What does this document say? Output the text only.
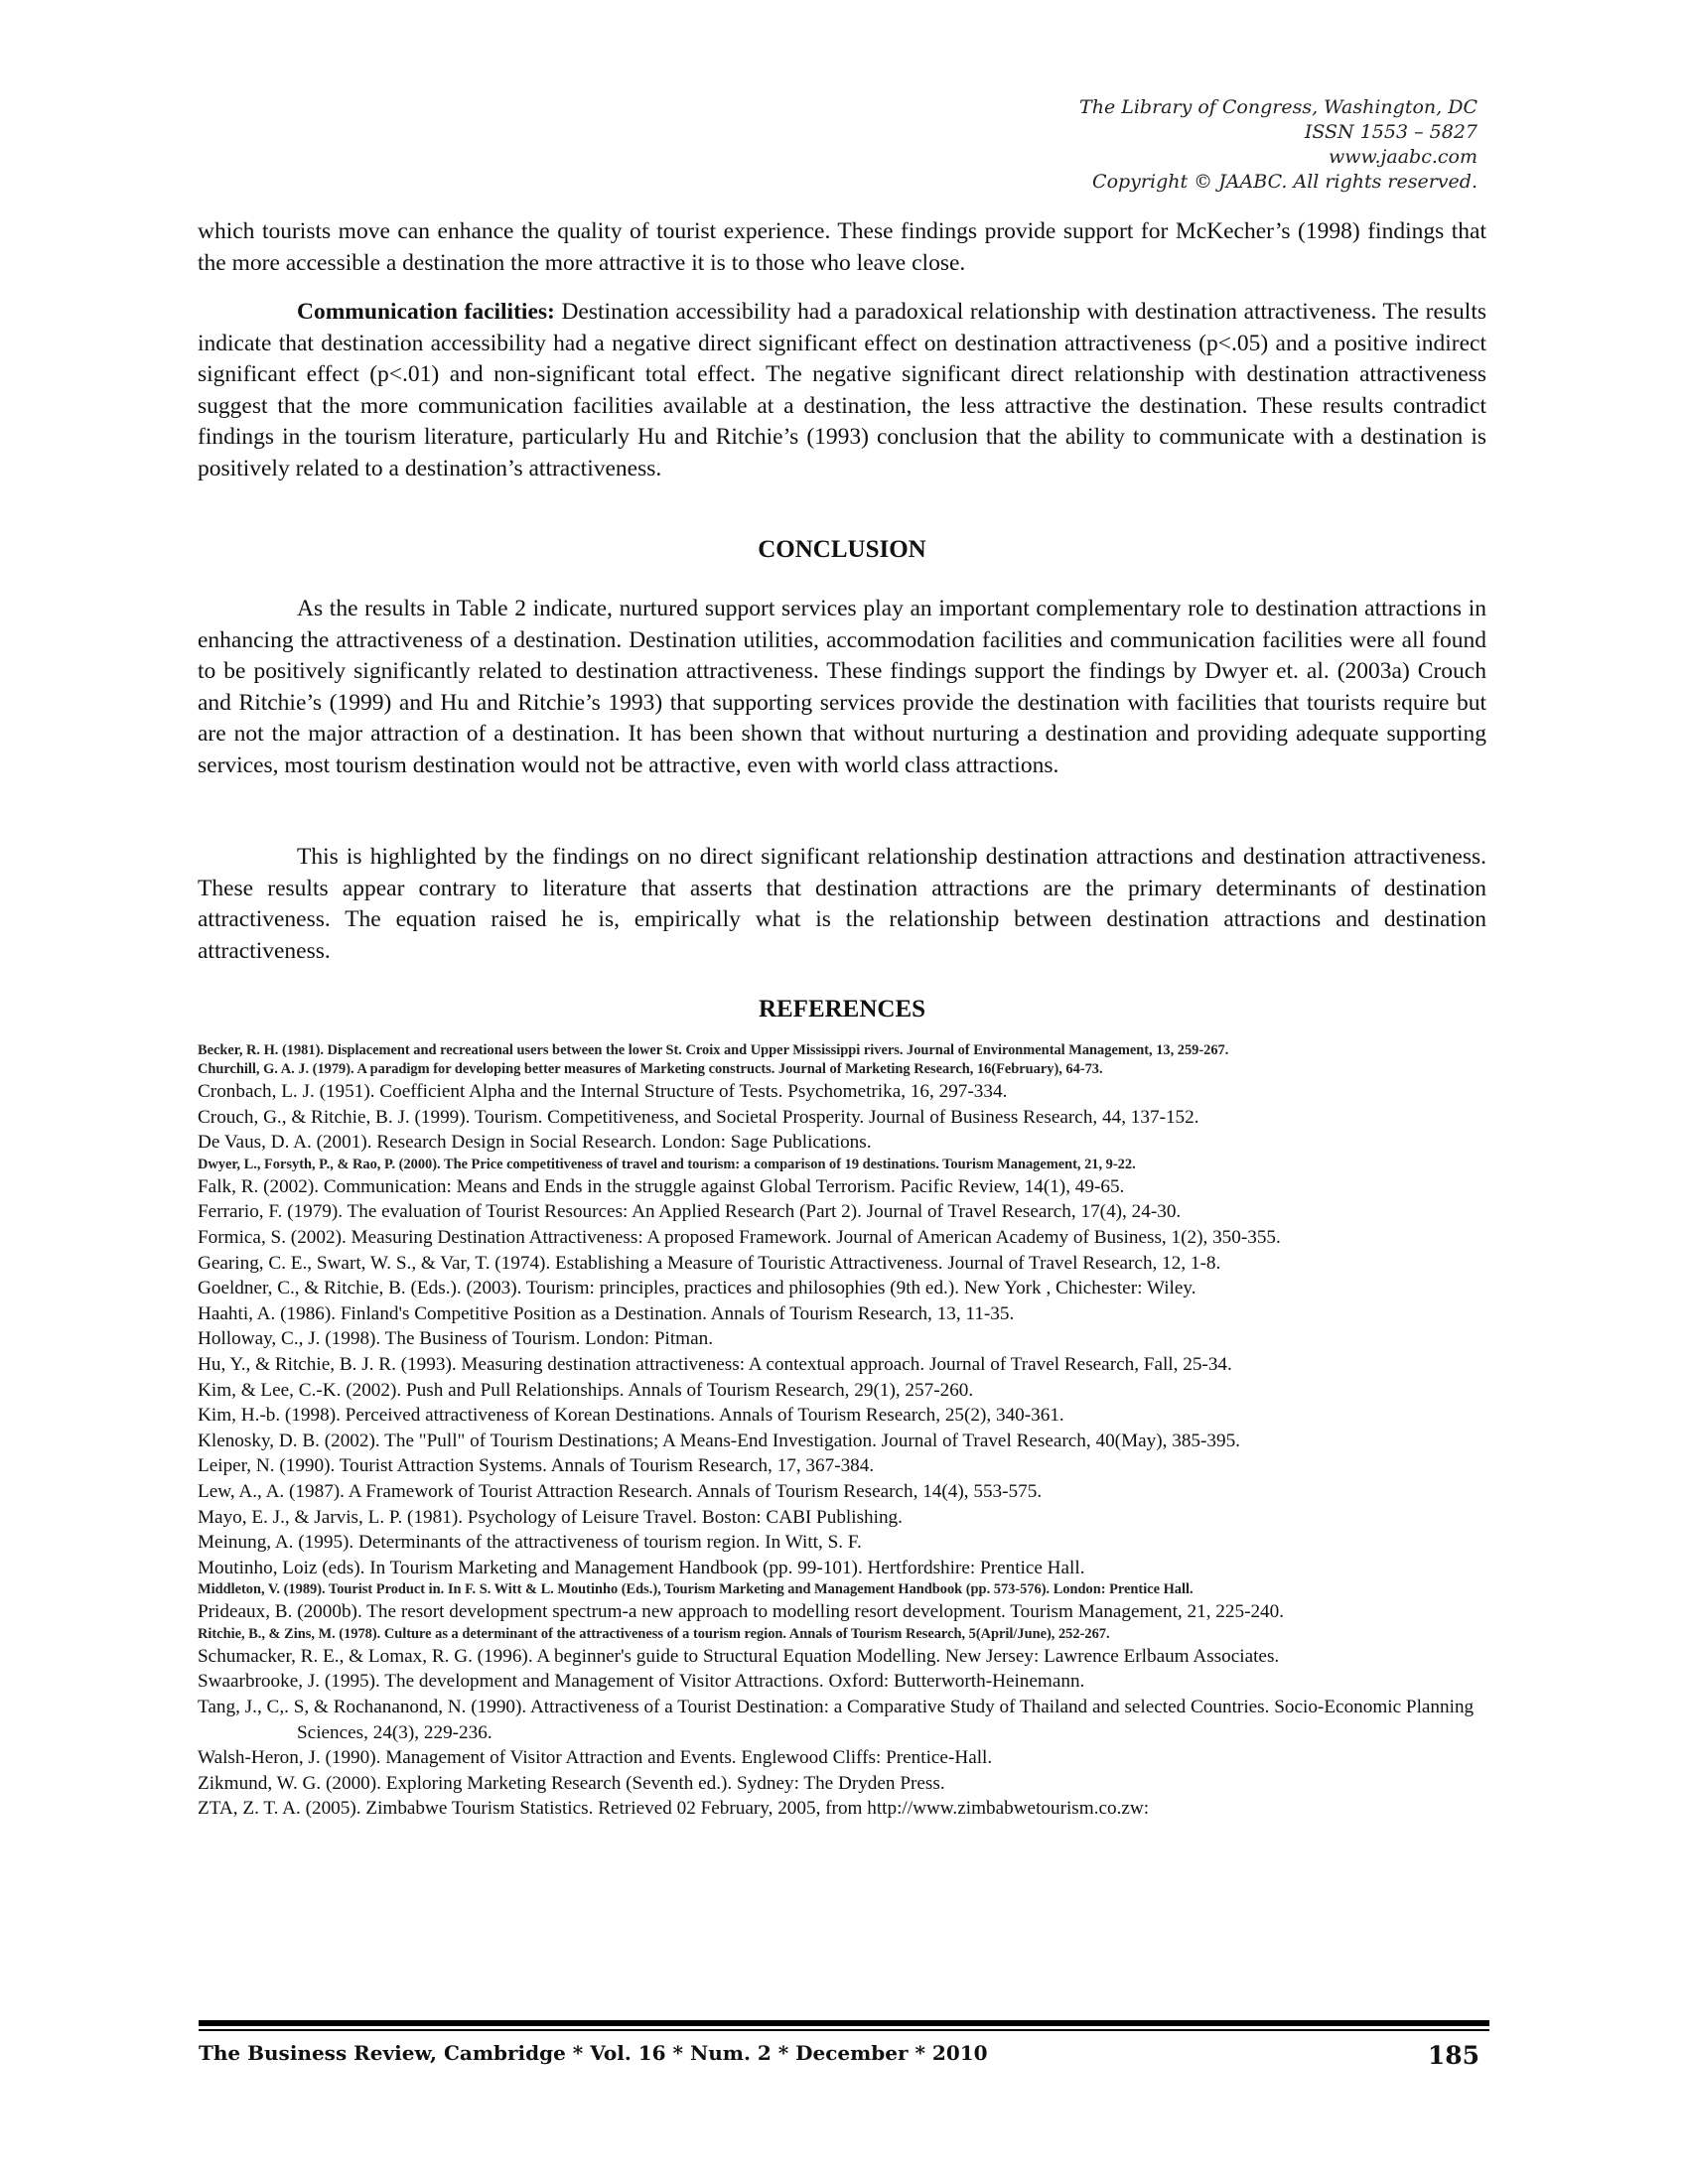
The Library of Congress, Washington, DC
ISSN 1553 – 5827
www.jaabc.com
Copyright © JAABC. All rights reserved.

which tourists move can enhance the quality of tourist experience. These findings provide support for McKecher’s (1998) findings that the more accessible a destination the more attractive it is to those who leave close.

Communication facilities: Destination accessibility had a paradoxical relationship with destination attractiveness. The results indicate that destination accessibility had a negative direct significant effect on destination attractiveness (p<.05) and a positive indirect significant effect (p<.01) and non-significant total effect. The negative significant direct relationship with destination attractiveness suggest that the more communication facilities available at a destination, the less attractive the destination. These results contradict findings in the tourism literature, particularly Hu and Ritchie’s (1993) conclusion that the ability to communicate with a destination is positively related to a destination’s attractiveness.

CONCLUSION

As the results in Table 2 indicate, nurtured support services play an important complementary role to destination attractions in enhancing the attractiveness of a destination. Destination utilities, accommodation facilities and communication facilities were all found to be positively significantly related to destination attractiveness. These findings support the findings by Dwyer et. al. (2003a) Crouch and Ritchie’s (1999) and Hu and Ritchie’s 1993) that supporting services provide the destination with facilities that tourists require but are not the major attraction of a destination. It has been shown that without nurturing a destination and providing adequate supporting services, most tourism destination would not be attractive, even with world class attractions.

This is highlighted by the findings on no direct significant relationship destination attractions and destination attractiveness. These results appear contrary to literature that asserts that destination attractions are the primary determinants of destination attractiveness. The equation raised he is, empirically what is the relationship between destination attractions and destination attractiveness.

REFERENCES

Becker, R. H. (1981). Displacement and recreational users between the lower St. Croix and Upper Mississippi rivers. Journal of Environmental Management, 13, 259-267.

Churchill, G. A. J. (1979). A paradigm for developing better measures of Marketing constructs. Journal of Marketing Research, 16(February), 64-73.

Cronbach, L. J. (1951). Coefficient Alpha and the Internal Structure of Tests. Psychometrika, 16, 297-334.

Crouch, G., & Ritchie, B. J. (1999). Tourism. Competitiveness, and Societal Prosperity. Journal of Business Research, 44, 137-152.

De Vaus, D. A. (2001). Research Design in Social Research. London: Sage Publications.

Dwyer, L., Forsyth, P., & Rao, P. (2000). The Price competitiveness of travel and tourism: a comparison of 19 destinations. Tourism Management, 21, 9-22.

Falk, R. (2002). Communication: Means and Ends in the struggle against Global Terrorism. Pacific Review, 14(1), 49-65.

Ferrario, F. (1979). The evaluation of Tourist Resources: An Applied Research (Part 2). Journal of Travel Research, 17(4), 24-30.

Formica, S. (2002). Measuring Destination Attractiveness: A proposed Framework. Journal of American Academy of Business, 1(2), 350-355.

Gearing, C. E., Swart, W. S., & Var, T. (1974). Establishing a Measure of Touristic Attractiveness. Journal of Travel Research, 12, 1-8.

Goeldner, C., & Ritchie, B. (Eds.). (2003). Tourism: principles, practices and philosophies (9th ed.). New York , Chichester: Wiley.

Haahti, A. (1986). Finland's Competitive Position as a Destination. Annals of Tourism Research, 13, 11-35.

Holloway, C., J. (1998). The Business of Tourism. London: Pitman.

Hu, Y., & Ritchie, B. J. R. (1993). Measuring destination attractiveness: A contextual approach. Journal of Travel Research, Fall, 25-34.

Kim, & Lee, C.-K. (2002). Push and Pull Relationships. Annals of Tourism Research, 29(1), 257-260.

Kim, H.-b. (1998). Perceived attractiveness of Korean Destinations. Annals of Tourism Research, 25(2), 340-361.

Klenosky, D. B. (2002). The "Pull" of Tourism Destinations; A Means-End Investigation. Journal of Travel Research, 40(May), 385-395.

Leiper, N. (1990). Tourist Attraction Systems. Annals of Tourism Research, 17, 367-384.

Lew, A., A. (1987). A Framework of Tourist Attraction Research. Annals of Tourism Research, 14(4), 553-575.

Mayo, E. J., & Jarvis, L. P. (1981). Psychology of Leisure Travel. Boston: CABI Publishing.

Meinung, A. (1995). Determinants of the attractiveness of tourism region. In Witt, S. F.

Moutinho, Loiz (eds). In Tourism Marketing and Management Handbook (pp. 99-101). Hertfordshire: Prentice Hall.

Middleton, V. (1989). Tourist Product in. In F. S. Witt & L. Moutinho (Eds.), Tourism Marketing and Management Handbook (pp. 573-576). London: Prentice Hall.

Prideaux, B. (2000b). The resort development spectrum-a new approach to modelling resort development. Tourism Management, 21, 225-240.

Ritchie, B., & Zins, M. (1978). Culture as a determinant of the attractiveness of a tourism region. Annals of Tourism Research, 5(April/June), 252-267.

Schumacker, R. E., & Lomax, R. G. (1996). A beginner's guide to Structural Equation Modelling. New Jersey: Lawrence Erlbaum Associates.

Swaarbrooke, J. (1995). The development and Management of Visitor Attractions. Oxford: Butterworth-Heinemann.

Tang, J., C,. S, & Rochananond, N. (1990). Attractiveness of a Tourist Destination: a Comparative Study of Thailand and selected Countries. Socio-Economic Planning Sciences, 24(3), 229-236.

Walsh-Heron, J. (1990). Management of Visitor Attraction and Events. Englewood Cliffs: Prentice-Hall.

Zikmund, W. G. (2000). Exploring Marketing Research (Seventh ed.). Sydney: The Dryden Press.

ZTA, Z. T. A. (2005). Zimbabwe Tourism Statistics. Retrieved 02 February, 2005, from http://www.zimbabwetourism.co.zw:

The Business Review, Cambridge * Vol. 16 * Num. 2 * December * 2010	185
